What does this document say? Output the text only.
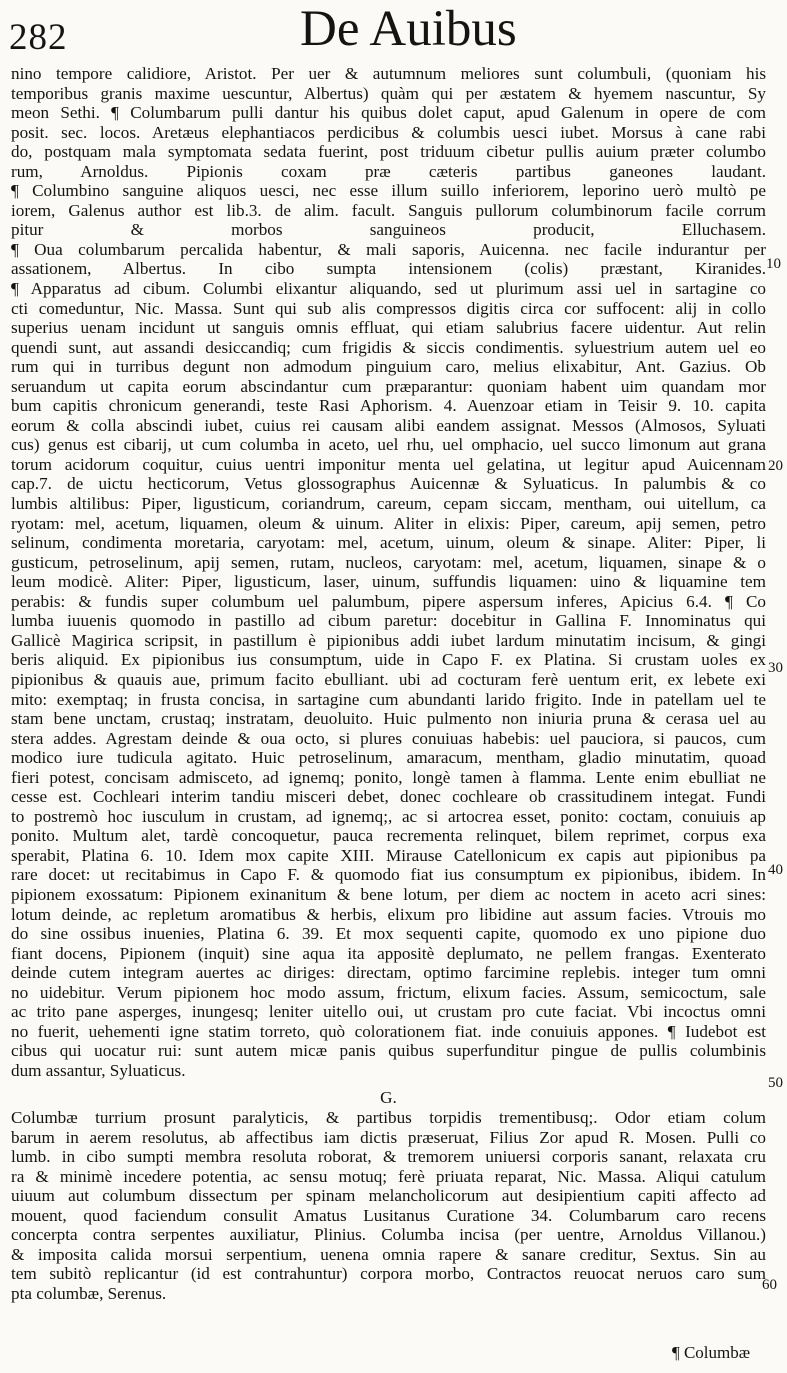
282	De Auibus
nino tempore calidiore, Aristot. Per uer & autumnum meliores sunt columbuli, (quoniam his
temporibus granis maxime uescuntur, Albertus) quàm qui per æstatem & hyemem nascuntur, Sy
meon Sethi. ¶ Columbarum pulli dantur his quibus dolet caput, apud Galenum in opere de com
posit. sec. locos. Aretæus elephantiacos perdicibus & columbis uesci iubet. Morsus à cane rabi
do, postquam mala symptomata sedata fuerint, post triduum cibetur pullis auium præter columbo
rum, Arnoldus. Pipionis coxam præ cæteris partibus ganeones laudant.
¶ Columbino sanguine aliquos uesci, nec esse illum suillo inferiorem, leporino uerò multò pe
iorem, Galenus author est lib.3. de alim. facult. Sanguis pullorum columbinorum facile corrum
pitur & morbos sanguineos producit, Elluchasem.
¶ Oua columbarum percalida habentur, & mali saporis, Auicenna. nec facile indurantur per
assationem, Albertus. In cibo sumpta intensionem (colis) præstant, Kiranides.
¶ Apparatus ad cibum. Columbi elixantur aliquando, sed ut plurimum assi uel in sartagine co
cti comeduntur, Nic. Massa. Sunt qui sub alis compressos digitis circa cor suffocent: alij in collo
superius uenam incidunt ut sanguis omnis effluat, qui etiam salubrius facere uidentur. Aut relin
quendi sunt, aut assandi desiccandiq; cum frigidis & siccis condimentis. syluestrium autem uel eo
rum qui in turribus degunt non admodum pinguium caro, melius elixabitur, Ant. Gazius. Ob
seruandum ut capita eorum abscindantur cum præparantur: quoniam habent uim quandam mor
bum capitis chronicum generandi, teste Rasi Aphorism. 4. Auenzoar etiam in Teisir 9. 10. capita
eorum & colla abscindi iubet, cuius rei causam alibi eandem assignat. Messos (Almosos, Syluati
cus) genus est cibarij, ut cum columba in aceto, uel rhu, uel omphacio, uel succo limonum aut grana
torum acidorum coquitur, cuius uentri imponitur menta uel gelatina, ut legitur apud Auicennam
cap.7. de uictu hecticorum, Vetus glossographus Auicennæ & Syluaticus. In palumbis & co
lumbis altilibus: Piper, ligusticum, coriandrum, careum, cepam siccam, mentham, oui uitellum, ca
ryotam: mel, acetum, liquamen, oleum & uinum. Aliter in elixis: Piper, careum, apij semen, petro
selinum, condimenta moretaria, caryotam: mel, acetum, uinum, oleum & sinape. Aliter: Piper, li
gusticum, petroselinum, apij semen, rutam, nucleos, caryotam: mel, acetum, liquamen, sinape & o
leum modicè. Aliter: Piper, ligusticum, laser, uinum, suffundis liquamen: uino & liquamine tem
perabis: & fundis super columbum uel palumbum, pipere aspersum inferes, Apicius 6.4. ¶ Co
lumba iuuenis quomodo in pastillo ad cibum paretur: docebitur in Gallina F. Innominatus qui
Gallicè Magirica scripsit, in pastillum è pipionibus addi iubet lardum minutatim incisum, & gingi
beris aliquid. Ex pipionibus ius consumptum, uide in Capo F. ex Platina. Si crustam uoles ex
pipionibus & quauis aue, primum facito ebulliant. ubi ad cocturam ferè uentum erit, ex lebete exi
mito: exemptaq; in frusta concisa, in sartagine cum abundanti larido frigito. Inde in patellam uel te
stam bene unctam, crustaq; instratam, deuoluito. Huic pulmento non iniuria pruna & cerasa uel au
stera addes. Agrestam deinde & oua octo, si plures conuiuas habebis: uel pauciora, si paucos, cum
modico iure tudicula agitato. Huic petroselinum, amaracum, mentham, gladio minutatim, quoad
fieri potest, concisam admisceto, ad ignemq; ponito, longè tamen à flamma. Lente enim ebulliat ne
cesse est. Cochleari interim tandiu misceri debet, donec cochleare ob crassitudinem integat. Fundi
to postremò hoc iusculum in crustam, ad ignemq;, ac si artocrea esset, ponito: coctam, conuiuis ap
ponito. Multum alet, tardè concoquetur, pauca recrementa relinquet, bilem reprimet, corpus exa
sperabit, Platina 6. 10. Idem mox capite XIII. Mirause Catellonicum ex capis aut pipionibus pa
rare docet: ut recitabimus in Capo F. & quomodo fiat ius consumptum ex pipionibus, ibidem. In
pipionem exossatum: Pipionem exinanitum & bene lotum, per diem ac noctem in aceto acri sines:
lotum deinde, ac repletum aromatibus & herbis, elixum pro libidine aut assum facies. Vtrouis mo
do sine ossibus inuenies, Platina 6. 39. Et mox sequenti capite, quomodo ex uno pipione duo
fiant docens, Pipionem (inquit) sine aqua ita appositè deplumato, ne pellem frangas. Exenterato
deinde cutem integram auertes ac diriges: directam, optimo farcimine replebis. integer tum omni
no uidebitur. Verum pipionem hoc modo assum, frictum, elixum facies. Assum, semicoctum, sale
ac trito pane asperges, inungesq; leniter uitello oui, ut crustam pro cute faciat. Vbi incoctus omni
no fuerit, uehementi igne statim torreto, quò colorationem fiat. inde conuiuis appones. ¶ Iudebot est
cibus qui uocatur rui: sunt autem micæ panis quibus superfunditur pingue de pullis columbinis
dum assantur, Syluaticus.
G.
Columbæ turrium prosunt paralyticis, & partibus torpidis trementibusq;. Odor etiam colum
barum in aerem resolutus, ab affectibus iam dictis præseruat, Filius Zor apud R. Mosen. Pulli co
lumb. in cibo sumpti membra resoluta roborat, & tremorem uniuersi corporis sanant, relaxata cru
ra & minimè incedere potentia, ac sensu motuq; ferè priuata reparat, Nic. Massa. Aliqui catulum
uiuum aut columbum dissectum per spinam melancholicorum aut desipientium capiti affecto ad
mouent, quod faciendum consulit Amatus Lusitanus Curatione 34. Columbarum caro recens
concerpta contra serpentes auxiliatur, Plinius. Columba incisa (per uentre, Arnoldus Villanou.)
& imposita calida morsui serpentium, uenena omnia rapere & sanare creditur, Sextus. Sin au
tem subitò replicantur (id est contrahuntur) corpora morbo, Contractos reuocat neruos caro sum
pta columbæ, Serenus.
10
20
30
40
50
60
¶ Columbæ
